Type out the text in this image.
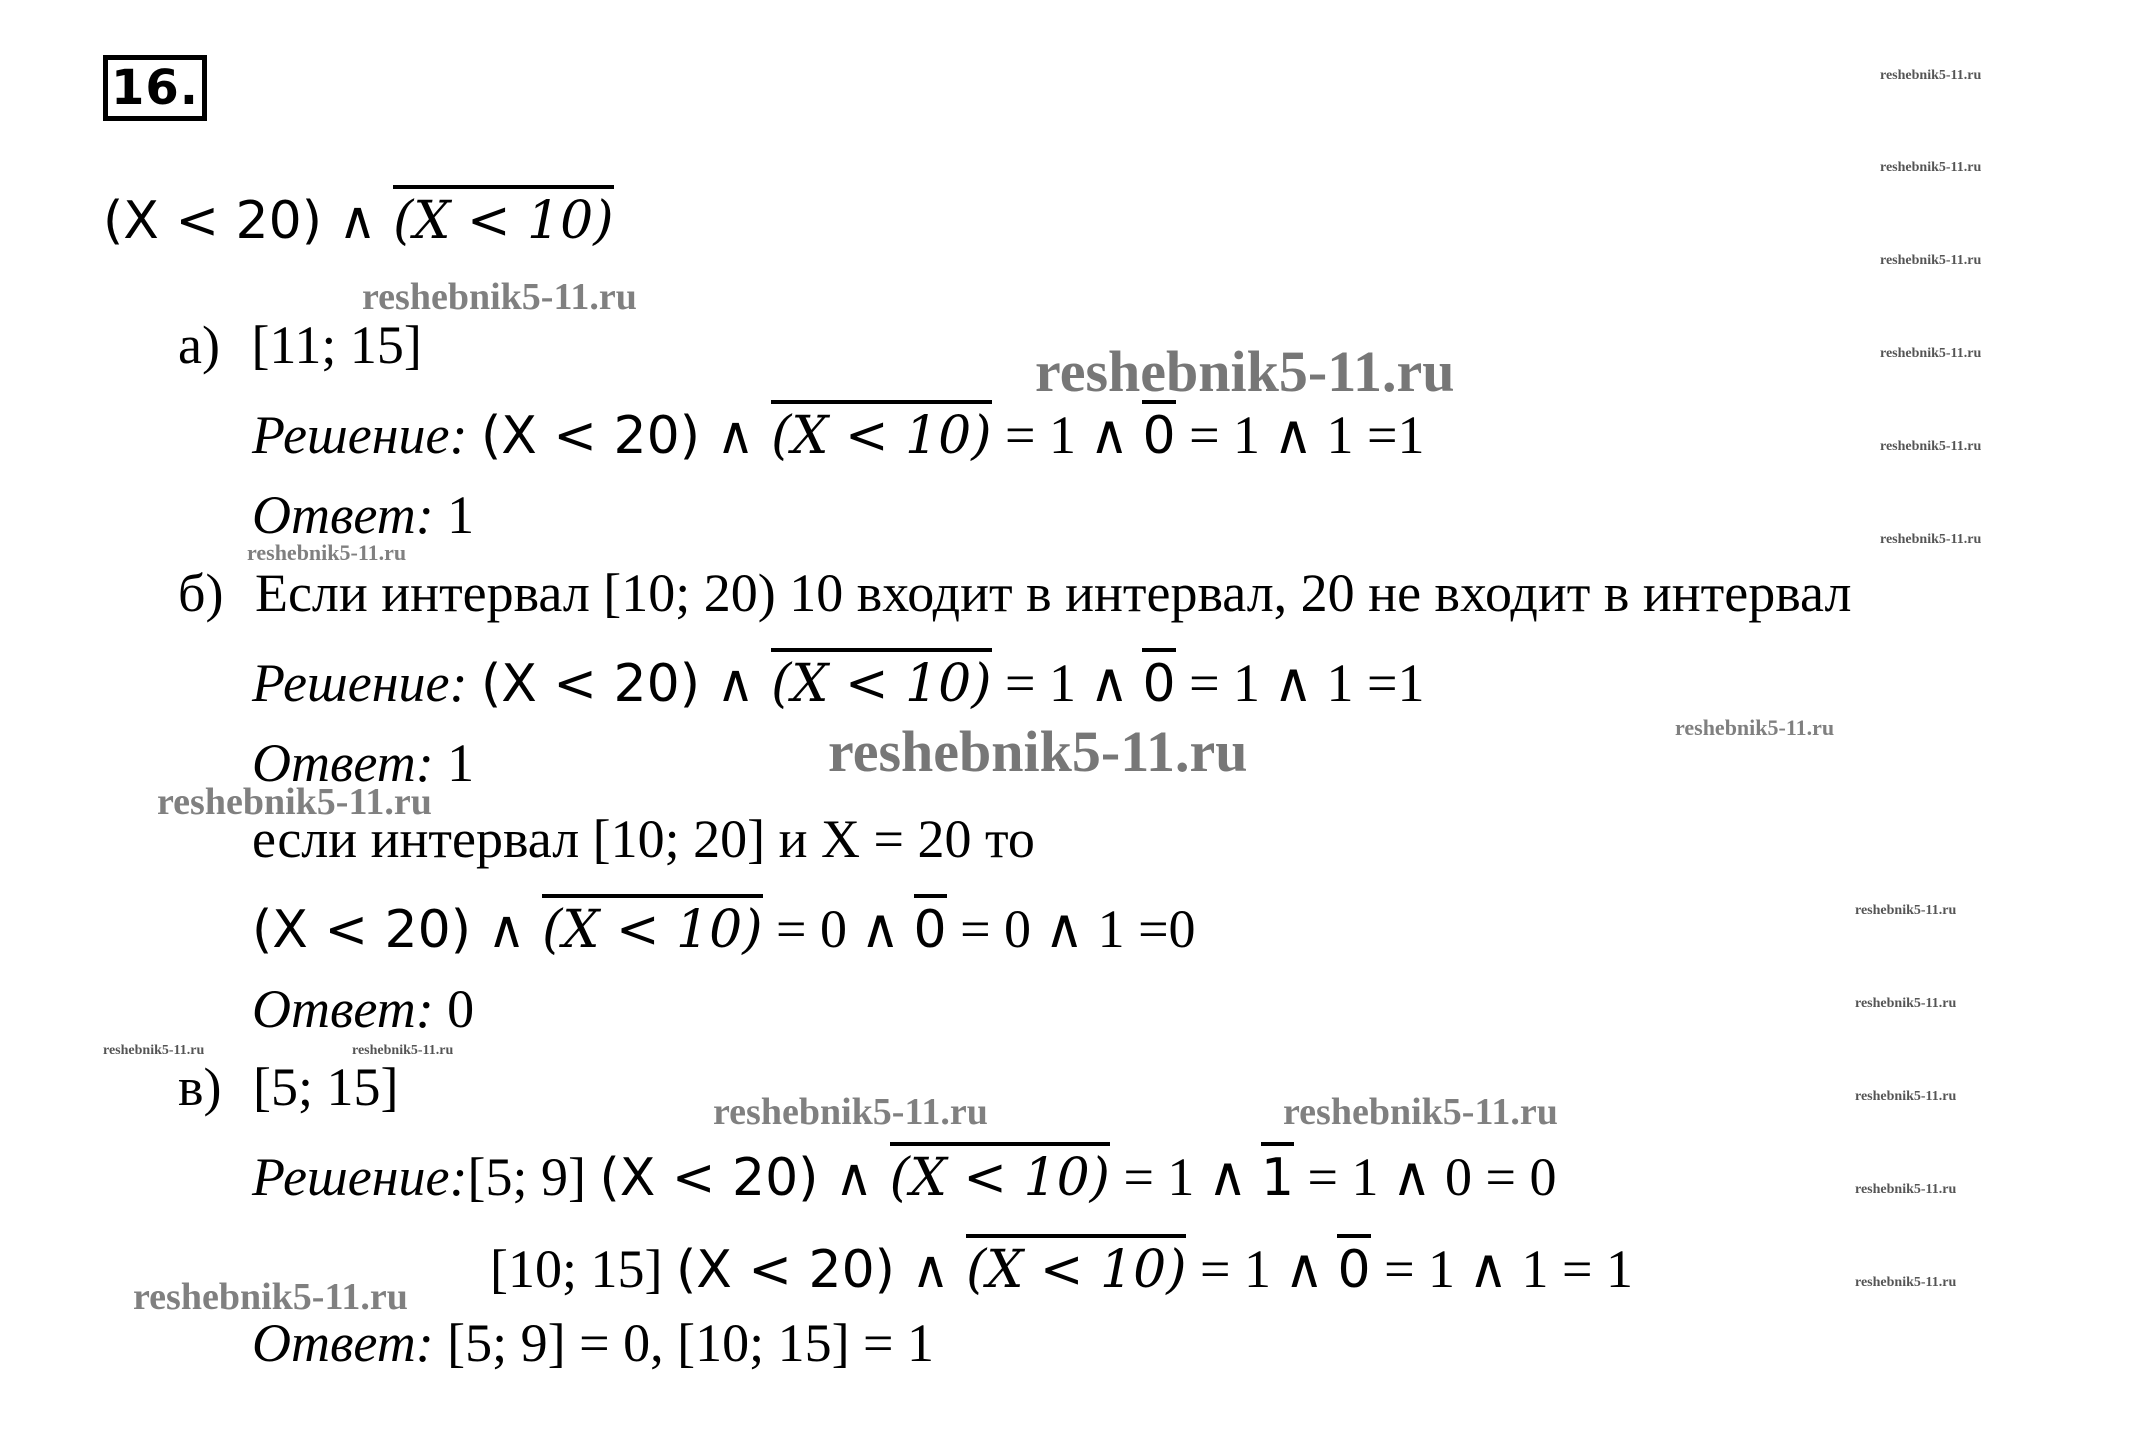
16.
(X < 20) ∧ (X < 10)
а) [11; 15]
Решение: (X < 20) ∧ (X < 10) = 1 ∧ 0 = 1 ∧ 1 =1
Ответ: 1
б) Если интервал [10; 20) 10 входит в интервал, 20 не входит в интервал
Решение: (X < 20) ∧ (X < 10) = 1 ∧ 0 = 1 ∧ 1 =1
Ответ: 1
если интервал [10; 20] и X = 20 то
(X < 20) ∧ (X < 10) = 0 ∧ 0 = 0 ∧ 1 =0
Ответ: 0
в) [5; 15]
Решение:[5; 9] (X < 20) ∧ (X < 10) = 1 ∧ 1 = 1 ∧ 0 = 0
[10; 15] (X < 20) ∧ (X < 10) = 1 ∧ 0 = 1 ∧ 1 = 1
Ответ: [5; 9] = 0, [10; 15] = 1
reshebnik5-11.ru
reshebnik5-11.ru
reshebnik5-11.ru
reshebnik5-11.ru
reshebnik5-11.ru
reshebnik5-11.ru
reshebnik5-11.ru
reshebnik5-11.ru
reshebnik5-11.ru
reshebnik5-11.ru
reshebnik5-11.ru
reshebnik5-11.ru	reshebnik5-11.ru
reshebnik5-11.ru
reshebnik5-11.ru
reshebnik5-11.ru
reshebnik5-11.ru
reshebnik5-11.ru	reshebnik5-11.ru
reshebnik5-11.ru
reshebnik5-11.ru
reshebnik5-11.ru
